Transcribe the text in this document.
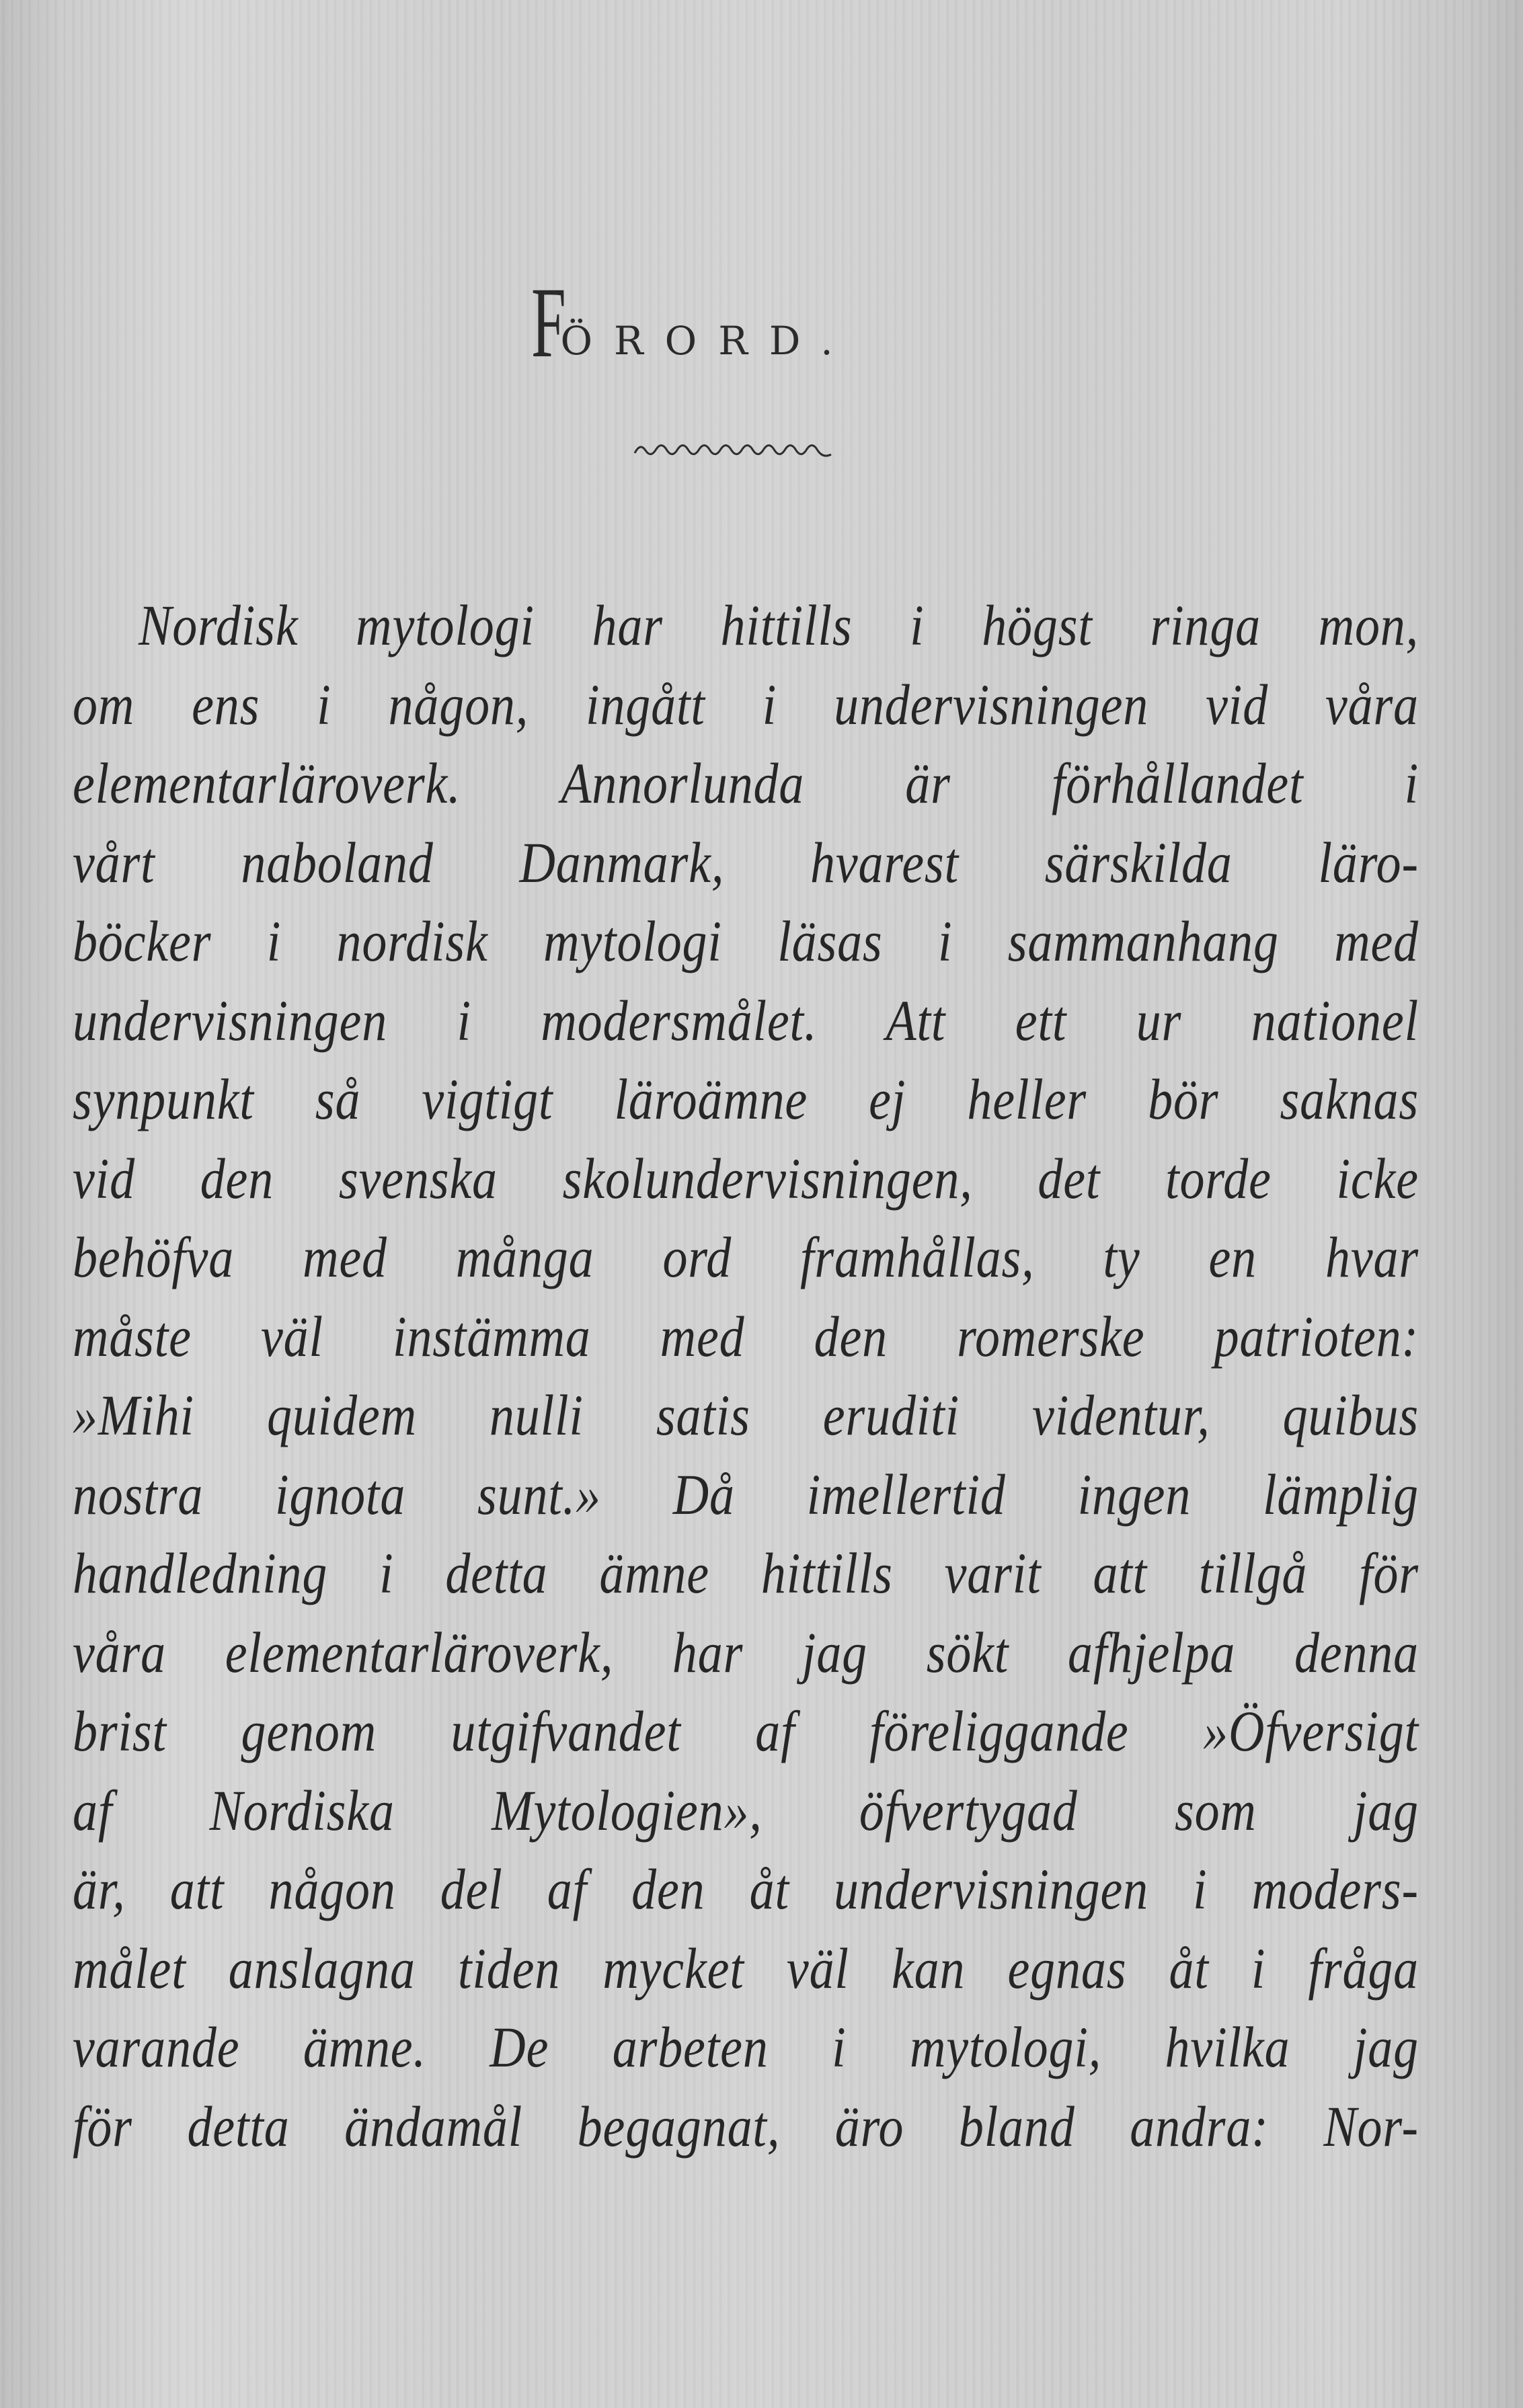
F
ÖRORD.
Nordisk mytologi har hittills i högst ringa mon,
om ens i någon, ingått i undervisningen vid våra
elementarläroverk. Annorlunda är förhållandet i
vårt naboland Danmark, hvarest särskilda läro-
böcker i nordisk mytologi läsas i sammanhang med
undervisningen i modersmålet. Att ett ur nationel
synpunkt så vigtigt läroämne ej heller bör saknas
vid den svenska skolundervisningen, det torde icke
behöfva med många ord framhållas, ty en hvar
måste väl instämma med den romerske patrioten:
»Mihi quidem nulli satis eruditi videntur, quibus
nostra ignota sunt.» Då imellertid ingen lämplig
handledning i detta ämne hittills varit att tillgå för
våra elementarläroverk, har jag sökt afhjelpa denna
brist genom utgifvandet af föreliggande »Öfversigt
af Nordiska Mytologien», öfvertygad som jag
är, att någon del af den åt undervisningen i moders-
målet anslagna tiden mycket väl kan egnas åt i fråga
varande ämne. De arbeten i mytologi, hvilka jag
för detta ändamål begagnat, äro bland andra: Nor-
